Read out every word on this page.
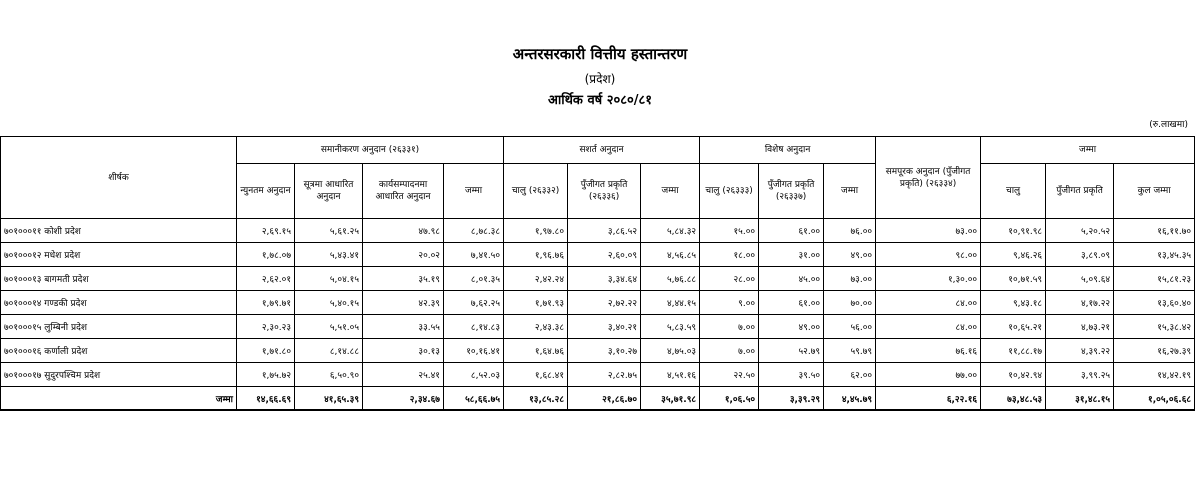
अन्तरसरकारी वित्तीय हस्तान्तरण
(प्रदेश)
आर्थिक वर्ष २०८०/८१
(रु.लाखमा)
शीर्षक	समानीकरण अनुदान (२६३३१)				सशर्त अनुदान			विशेष अनुदान			समपूरक अनुदान (पुँजीगत प्रकृति) (२६३३४)	जम्मा		
	न्युनतम अनुदान	सूत्रमा आधारित अनुदान	कार्यसम्पादनमा आधारित अनुदान	जम्मा	चालु (२६३३२)	पुँजीगत प्रकृति (२६३३६)	जम्मा	चालु (२६३३३)	पुँजीगत प्रकृति (२६३३७)	जम्मा		चालु	पुँजीगत प्रकृति	कुल जम्मा
७०१०००११ कोशी प्रदेश	२,६९.१५	५,६१.२५	४७.९८	८,७८.३८	१,९७.८०	३,८६.५२	५,८४.३२	१५.००	६१.००	७६.००	७३.००	१०,९१.९८	५,२०.५२	१६,११.७०
७०१०००१२ मधेश प्रदेश	१,७८.०७	५,४३.४१	२०.०२	७,४१.५०	१,९६.७६	२,६०.०९	४,५६.८५	१८.००	३१.००	४९.००	९८.००	९,४६.२६	३,८९.०९	१३,४५.३५
७०१०००१३ बागमती प्रदेश	२,६२.०१	५,०४.१५	३५.१९	८,०१.३५	२,४२.२४	३,३४.६४	५,७६.८८	२८.००	४५.००	७३.००	१,३०.००	१०,७१.५९	५,०९.६४	१५,८१.२३
७०१०००१४ गण्डकी प्रदेश	१,७९.७१	५,४०.१५	४२.३९	७,६२.२५	१,७१.९३	२,७२.२२	४,४४.१५	९.००	६१.००	७०.००	८४.००	९,४३.१८	४,१७.२२	१३,६०.४०
७०१०००१५ लुम्बिनी प्रदेश	२,३०.२३	५,५१.०५	३३.५५	८,१४.८३	२,४३.३८	३,४०.२१	५,८३.५९	७.००	४९.००	५६.००	८४.००	१०,६५.२१	४,७३.२१	१५,३८.४२
७०१०००१६ कर्णाली प्रदेश	१,७१.८०	८,१४.८८	३०.१३	१०,१६.४१	१,६४.७६	३,१०.२७	४,७५.०३	७.००	५२.७९	५९.७९	७६.१६	११,८८.१७	४,३९.२२	१६,२७.३९
७०१०००१७ सुदुरपश्चिम प्रदेश	१,७५.७२	६,५०.९०	२५.४१	८,५२.०३	१,६८.४१	२,८२.७५	४,५१.१६	२२.५०	३९.५०	६२.००	७७.००	१०,४२.९४	३,९९.२५	१४,४२.१९
जम्मा	१४,६६.६९	४१,६५.३९	२,३४.६७	५८,६६.७५	१३,८५.२८	२१,८६.७०	३५,७१.९८	१,०६.५०	३,३९.२९	४,४५.७९	६,२२.१६	७३,४८.५३	३१,४८.१५	१,०५,०६.६८
